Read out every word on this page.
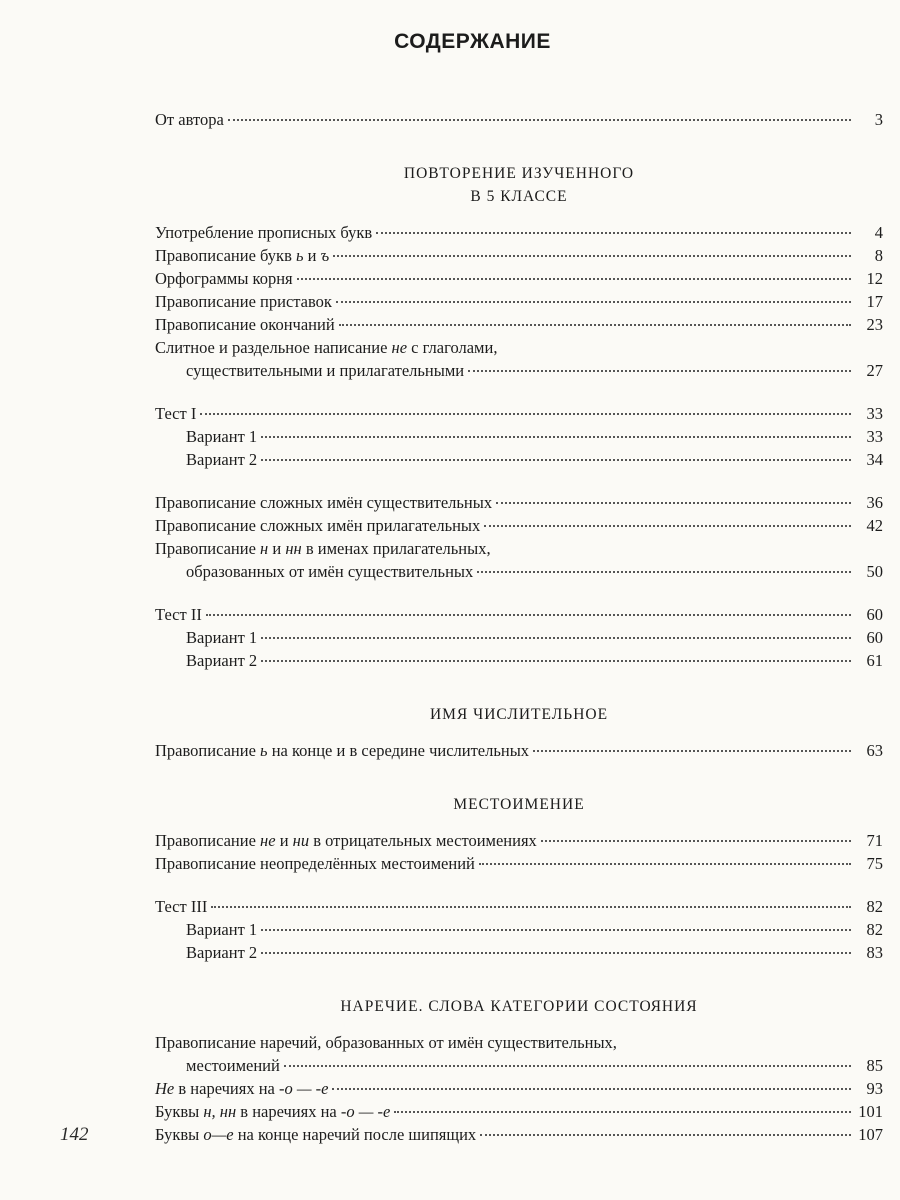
СОДЕРЖАНИЕ
От автора	3
ПОВТОРЕНИЕ ИЗУЧЕННОГО
В 5 КЛАССЕ
Употребление прописных букв	4
Правописание букв ь и ъ	8
Орфограммы корня	12
Правописание приставок	17
Правописание окончаний	23
Слитное и раздельное написание не с глаголами,
существительными и прилагательными	27
Тест I	33
Вариант 1	33
Вариант 2	34
Правописание сложных имён существительных	36
Правописание сложных имён прилагательных	42
Правописание н и нн в именах прилагательных,
образованных от имён существительных	50
Тест II	60
Вариант 1	60
Вариант 2	61
ИМЯ ЧИСЛИТЕЛЬНОЕ
Правописание ь на конце и в середине числительных	63
МЕСТОИМЕНИЕ
Правописание не и ни в отрицательных местоимениях	71
Правописание неопределённых местоимений	75
Тест III	82
Вариант 1	82
Вариант 2	83
НАРЕЧИЕ. СЛОВА КАТЕГОРИИ СОСТОЯНИЯ
Правописание наречий, образованных от имён существительных,
местоимений	85
Не в наречиях на -о — -е	93
Буквы н, нн в наречиях на -о — -е	101
Буквы о—е на конце наречий после шипящих	107
142
